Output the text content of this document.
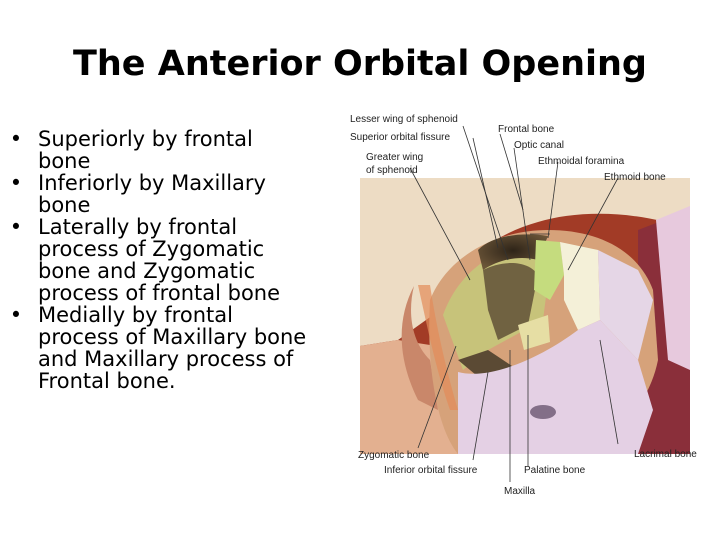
The Anterior Orbital Opening
• Superiorly by frontal
bone
• Inferiorly by Maxillary
bone
• Laterally by frontal
process of Zygomatic
bone and Zygomatic
process of frontal bone
• Medially by frontal
process of Maxillary bone
and Maxillary process of
Frontal bone.
Lesser wing of sphenoid
Superior orbital fissure
Greater wing
of sphenoid
Frontal bone
Optic canal
Ethmoidal foramina
Ethmoid bone
Zygomatic bone
Inferior orbital fissure	Palatine bone
Lacrimal bone
Maxilla
